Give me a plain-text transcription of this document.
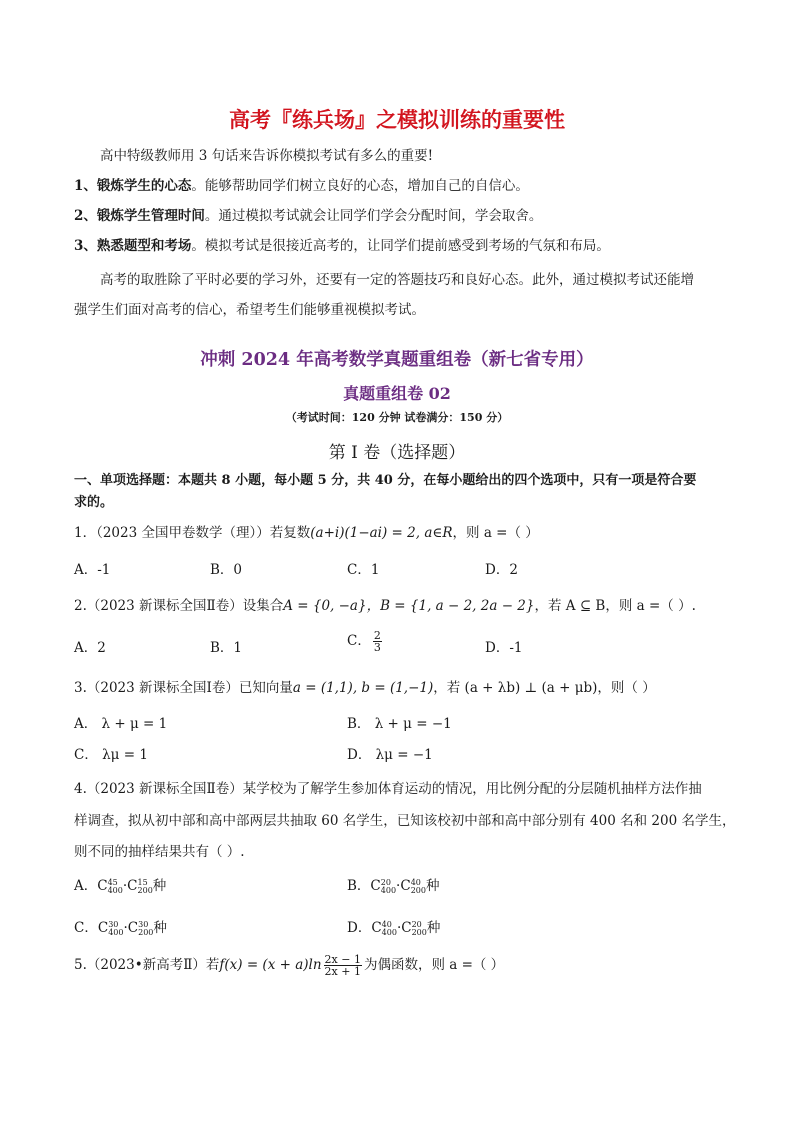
高考『练兵场』之模拟训练的重要性
高中特级教师用 3 句话来告诉你模拟考试有多么的重要!
1、锻炼学生的心态。能够帮助同学们树立良好的心态，增加自己的自信心。
2、锻炼学生管理时间。通过模拟考试就会让同学们学会分配时间，学会取舍。
3、熟悉题型和考场。模拟考试是很接近高考的，让同学们提前感受到考场的气氛和布局。
高考的取胜除了平时必要的学习外，还要有一定的答题技巧和良好心态。此外，通过模拟考试还能增
强学生们面对高考的信心，希望考生们能够重视模拟考试。
冲刺 2024 年高考数学真题重组卷（新七省专用）
真题重组卷 02
（考试时间：120 分钟 试卷满分：150 分）
第 I 卷（选择题）
一、单项选择题：本题共 8 小题，每小题 5 分，共 40 分，在每小题给出的四个选项中，只有一项是符合要
求的。
1．（2023 全国甲卷数学（理））若复数(a+i)(1−ai) = 2, a∈R，则 a =（ ）
A．-1	B．0	C．1	D．2
2.（2023 新课标全国Ⅱ卷）设集合A = {0, −a}，B = {1, a − 2, 2a − 2}，若 A ⊆ B，则 a =（ ）.
A．2	B．1	C． $\frac{2}{3}$	D．-1
3.（2023 新课标全国Ⅰ卷）已知向量a = (1,1), b = (1,−1)，若 (a + λb) ⊥ (a + μb)，则（ ）
A． λ + μ = 1	B． λ + μ = −1
C． λμ = 1	D． λμ = −1
4.（2023 新课标全国Ⅱ卷）某学校为了解学生参加体育运动的情况，用比例分配的分层随机抽样方法作抽
样调查，拟从初中部和高中部两层共抽取 60 名学生，已知该校初中部和高中部分别有 400 名和 200 名学生，
则不同的抽样结果共有（ ）.
A．C 45
400 ·C 15
200 种	B．C 20
400 ·C 40
200 种
C．C 30
400 ·C 30
200 种	D．C 40
400 ·C 20
200 种
5.（2023•新高考Ⅱ）若$f(x) = (x + a)\ln \frac{2x - 1}{2x + 1}$ 为偶函数，则 a =（ ）
